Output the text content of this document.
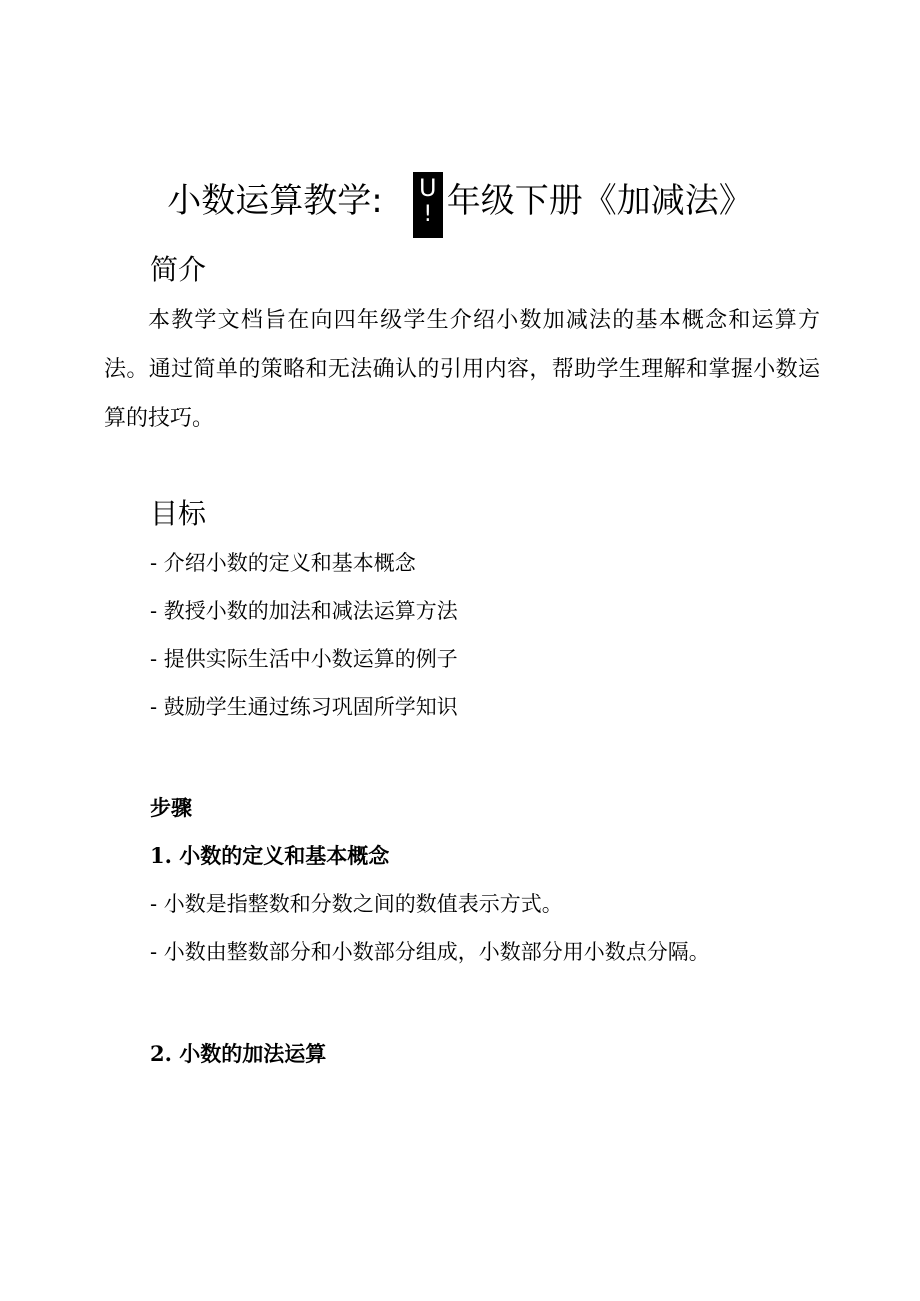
小数运算教学: U
! 年级下册《加减法》
简介

本教学文档旨在向四年级学生介绍小数加减法的基本概念和运算方法。通过简单的策略和无法确认的引用内容，帮助学生理解和掌握小数运算的技巧。

目标
- 介绍小数的定义和基本概念
- 教授小数的加法和减法运算方法
- 提供实际生活中小数运算的例子
- 鼓励学生通过练习巩固所学知识
步骤
1. 小数的定义和基本概念
- 小数是指整数和分数之间的数值表示方式。
- 小数由整数部分和小数部分组成，小数部分用小数点分隔。
2. 小数的加法运算
